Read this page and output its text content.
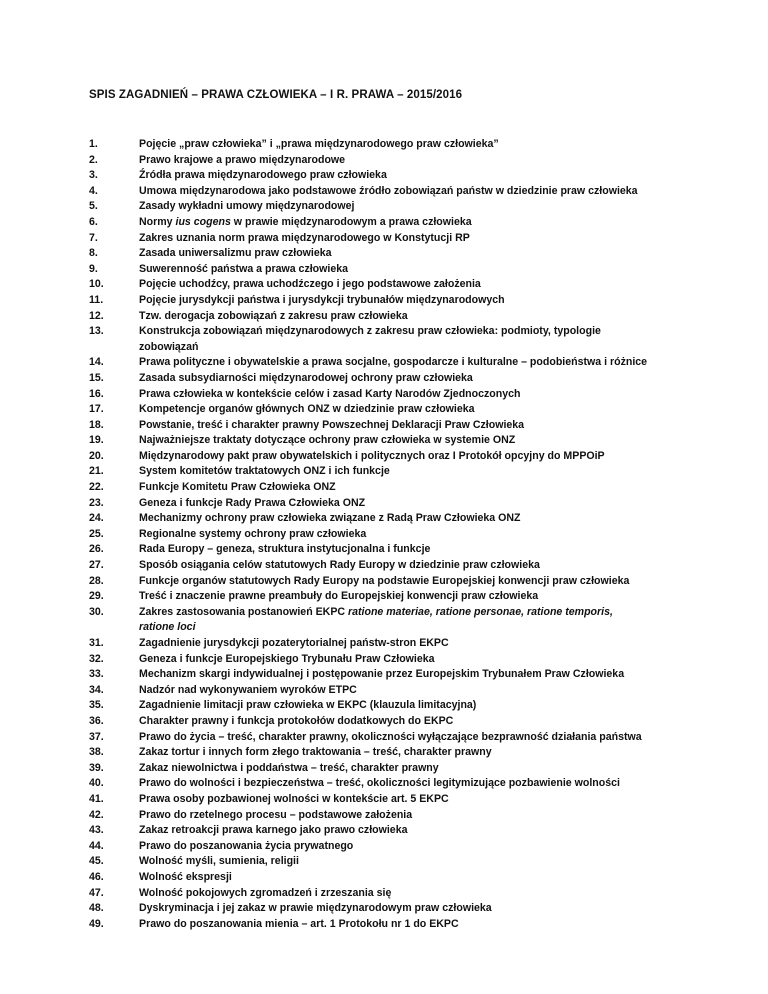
SPIS ZAGADNIEŃ – PRAWA CZŁOWIEKA – I R. PRAWA – 2015/2016
1.	Pojęcie „praw człowieka” i „prawa międzynarodowego praw człowieka”
2.	Prawo krajowe a prawo międzynarodowe
3.	Źródła prawa międzynarodowego praw człowieka
4.	Umowa międzynarodowa jako podstawowe źródło zobowiązań państw w dziedzinie praw człowieka
5.	Zasady wykładni umowy międzynarodowej
6.	Normy ius cogens w prawie międzynarodowym a prawa człowieka
7.	Zakres uznania norm prawa międzynarodowego w Konstytucji RP
8.	Zasada uniwersalizmu praw człowieka
9.	Suwerenność państwa a prawa człowieka
10.	Pojęcie uchodźcy, prawa uchodźczego i jego podstawowe założenia
11.	Pojęcie jurysdykcji państwa i jurysdykcji trybunałów międzynarodowych
12.	Tzw. derogacja zobowiązań z zakresu praw człowieka
13.	Konstrukcja zobowiązań międzynarodowych z zakresu praw człowieka: podmioty, typologie
zobowiązań
14.	Prawa polityczne i obywatelskie a prawa socjalne, gospodarcze i kulturalne – podobieństwa i różnice
15.	Zasada subsydiarności międzynarodowej ochrony praw człowieka
16.	Prawa człowieka w kontekście celów i zasad Karty Narodów Zjednoczonych
17.	Kompetencje organów głównych ONZ w dziedzinie praw człowieka
18.	Powstanie, treść i charakter prawny Powszechnej Deklaracji Praw Człowieka
19.	Najważniejsze traktaty dotyczące ochrony praw człowieka w systemie ONZ
20.	Międzynarodowy pakt praw obywatelskich i politycznych oraz I Protokół opcyjny do MPPOiP
21.	System komitetów traktatowych ONZ i ich funkcje
22.	Funkcje Komitetu Praw Człowieka ONZ
23.	Geneza i funkcje Rady Prawa Człowieka ONZ
24.	Mechanizmy ochrony praw człowieka związane z Radą Praw Człowieka ONZ
25.	Regionalne systemy ochrony praw człowieka
26.	Rada Europy – geneza, struktura instytucjonalna i funkcje
27.	Sposób osiągania celów statutowych Rady Europy w dziedzinie praw człowieka
28.	Funkcje organów statutowych Rady Europy na podstawie Europejskiej konwencji praw człowieka
29.	Treść i znaczenie prawne preambuły do Europejskiej konwencji praw człowieka
30.	Zakres zastosowania postanowień EKPC ratione materiae, ratione personae, ratione temporis,
ratione loci
31.	Zagadnienie jurysdykcji pozaterytorialnej państw-stron EKPC
32.	Geneza i funkcje Europejskiego Trybunału Praw Człowieka
33.	Mechanizm skargi indywidualnej i postępowanie przez Europejskim Trybunałem Praw Człowieka
34.	Nadzór nad wykonywaniem wyroków ETPC
35.	Zagadnienie limitacji praw człowieka w EKPC (klauzula limitacyjna)
36.	Charakter prawny i funkcja protokołów dodatkowych do EKPC
37.	Prawo do życia – treść, charakter prawny, okoliczności wyłączające bezprawność działania państwa
38.	Zakaz tortur i innych form złego traktowania – treść, charakter prawny
39.	Zakaz niewolnictwa i poddaństwa – treść, charakter prawny
40.	Prawo do wolności i bezpieczeństwa – treść, okoliczności legitymizujące pozbawienie wolności
41.	Prawa osoby pozbawionej wolności w kontekście art. 5 EKPC
42.	Prawo do rzetelnego procesu – podstawowe założenia
43.	Zakaz retroakcji prawa karnego jako prawo człowieka
44.	Prawo do poszanowania życia prywatnego
45.	Wolność myśli, sumienia, religii
46.	Wolność ekspresji
47.	Wolność pokojowych zgromadzeń i zrzeszania się
48.	Dyskryminacja i jej zakaz w prawie międzynarodowym praw człowieka
49.	Prawo do poszanowania mienia – art. 1 Protokołu nr 1 do EKPC
